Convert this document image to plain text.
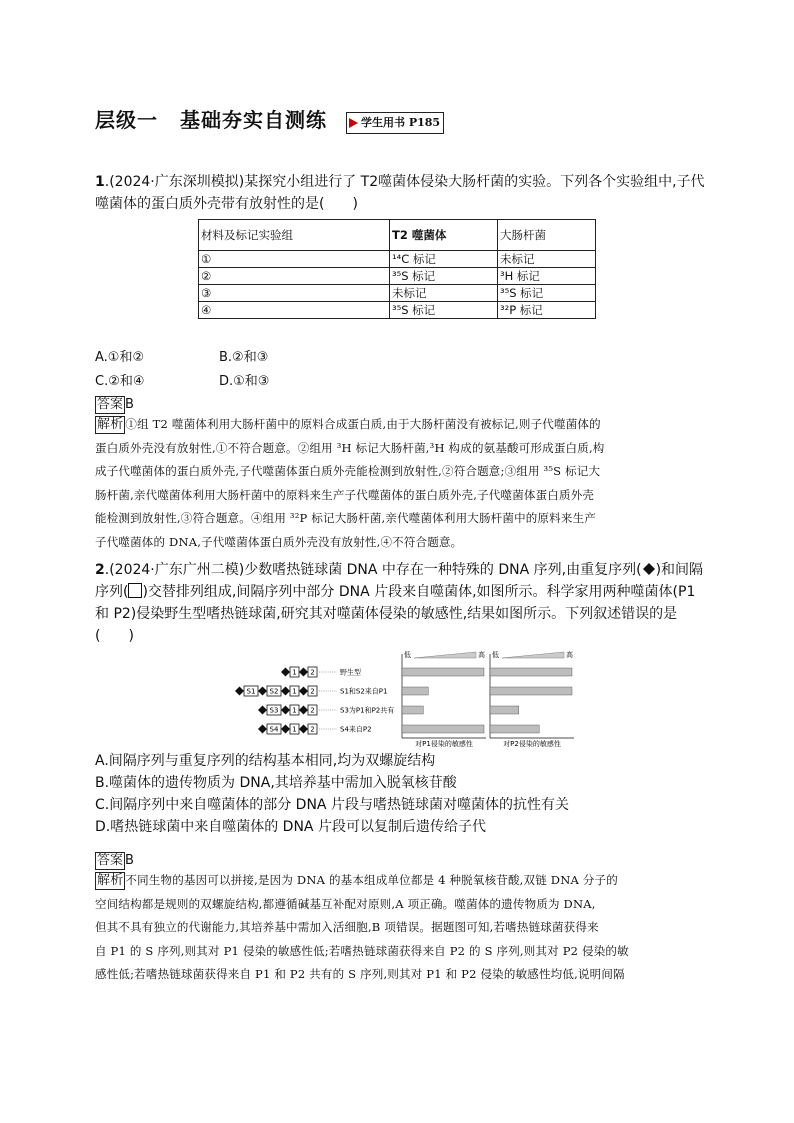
层级一 基础夯实自测练	学生用书 P185
1.(2024·广东深圳模拟)某探究小组进行了 T2噬菌体侵染大肠杆菌的实验。下列各个实验组中,子代
噬菌体的蛋白质外壳带有放射性的是(　　)
材料及标记实验组	T2 噬菌体	大肠杆菌
①	¹⁴C 标记	未标记
②	³⁵S 标记	³H 标记
③	未标记	³⁵S 标记
④	³⁵S 标记	³²P 标记
A.①和②	B.②和③
C.②和④	D.①和③
答案 B
解析 ①组 T2 噬菌体利用大肠杆菌中的原料合成蛋白质,由于大肠杆菌没有被标记,则子代噬菌体的
蛋白质外壳没有放射性,①不符合题意。②组用 ³H 标记大肠杆菌,³H 构成的氨基酸可形成蛋白质,构
成子代噬菌体的蛋白质外壳,子代噬菌体蛋白质外壳能检测到放射性,②符合题意;③组用 ³⁵S 标记大
肠杆菌,亲代噬菌体利用大肠杆菌中的原料来生产子代噬菌体的蛋白质外壳,子代噬菌体蛋白质外壳
能检测到放射性,③符合题意。④组用 ³²P 标记大肠杆菌,亲代噬菌体利用大肠杆菌中的原料来生产
子代噬菌体的 DNA,子代噬菌体蛋白质外壳没有放射性,④不符合题意。
2.(2024·广东广州二模)少数嗜热链球菌 DNA 中存在一种特殊的 DNA 序列,由重复序列( )和间隔
序列( )交替排列组成,间隔序列中部分 DNA 片段来自噬菌体,如图所示。科学家用两种噬菌体(P1
和 P2)侵染野生型嗜热链球菌,研究其对噬菌体侵染的敏感性,结果如图所示。下列叙述错误的是
(　　)
1 2	野生型
S1 S2 1 2	S1和S2来自P1
S3 1 2	S3为P1和P2共有
S4 1 2	S4来自P2
低	高
对P1侵染的敏感性
低	高
对P2侵染的敏感性
A.间隔序列与重复序列的结构基本相同,均为双螺旋结构
B.噬菌体的遗传物质为 DNA,其培养基中需加入脱氧核苷酸
C.间隔序列中来自噬菌体的部分 DNA 片段与嗜热链球菌对噬菌体的抗性有关
D.嗜热链球菌中来自噬菌体的 DNA 片段可以复制后遗传给子代
答案 B
解析 不同生物的基因可以拼接,是因为 DNA 的基本组成单位都是 4 种脱氧核苷酸,双链 DNA 分子的
空间结构都是规则的双螺旋结构,都遵循碱基互补配对原则,A 项正确。噬菌体的遗传物质为 DNA,
但其不具有独立的代谢能力,其培养基中需加入活细胞,B 项错误。据题图可知,若嗜热链球菌获得来
自 P1 的 S 序列,则其对 P1 侵染的敏感性低;若嗜热链球菌获得来自 P2 的 S 序列,则其对 P2 侵染的敏
感性低;若嗜热链球菌获得来自 P1 和 P2 共有的 S 序列,则其对 P1 和 P2 侵染的敏感性均低,说明间隔
